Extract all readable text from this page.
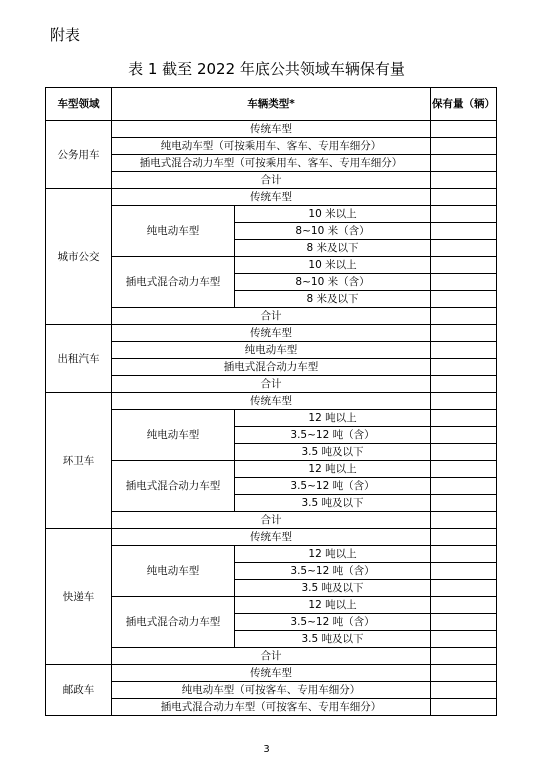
附表
表 1 截至 2022 年底公共领域车辆保有量
车型领域	车辆类型*		保有量（辆）
公务用车	传统车型		
	纯电动车型（可按乘用车、客车、专用车细分）		
	插电式混合动力车型（可按乘用车、客车、专用车细分）		
	合计		
城市公交	传统车型		
	纯电动车型	10 米以上	
		8~10 米（含）	
		8 米及以下	
	插电式混合动力车型	10 米以上	
		8~10 米（含）	
		8 米及以下	
	合计		
出租汽车	传统车型		
	纯电动车型		
	插电式混合动力车型		
	合计		
环卫车	传统车型		
	纯电动车型	12 吨以上	
		3.5~12 吨（含）	
		3.5 吨及以下	
	插电式混合动力车型	12 吨以上	
		3.5~12 吨（含）	
		3.5 吨及以下	
	合计		
快递车	传统车型		
	纯电动车型	12 吨以上	
		3.5~12 吨（含）	
		3.5 吨及以下	
	插电式混合动力车型	12 吨以上	
		3.5~12 吨（含）	
		3.5 吨及以下	
	合计		
邮政车	传统车型		
	纯电动车型（可按客车、专用车细分）		
	插电式混合动力车型（可按客车、专用车细分）		
3
